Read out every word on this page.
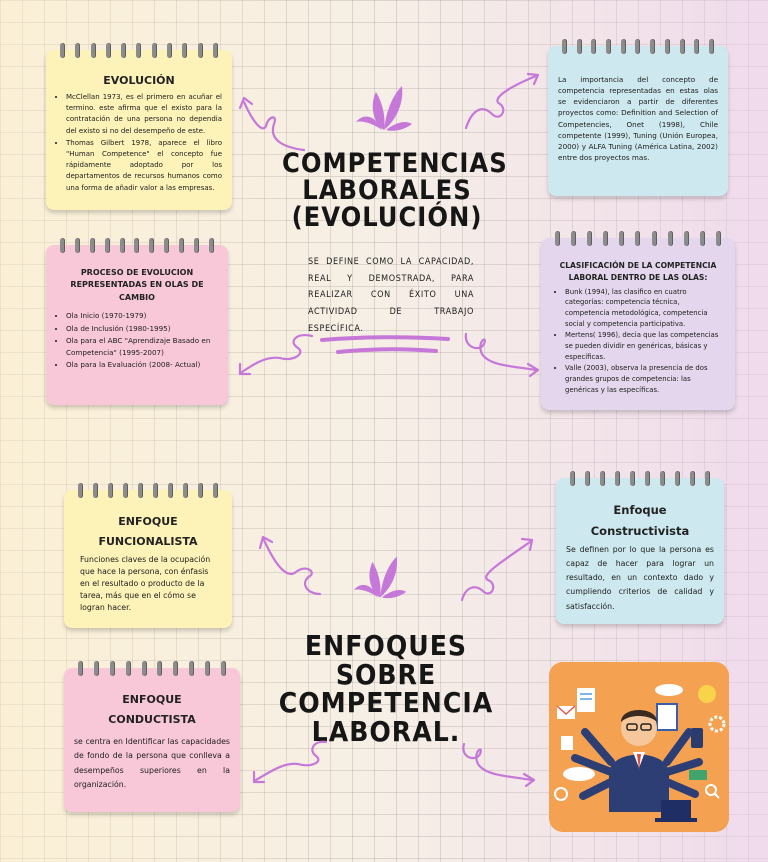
EVOLUCIÓN
• McClellan 1973, es el primero en acuñar el termino. este afirma que el existo para la contratación de una persona no dependia del existo si no del desempeño de este.
• Thomas Gilbert 1978, aparece el libro "Human Competence" el concepto fue rápidamente adoptado por los departamentos de recursos humanos como una forma de añadir valor a las empresas.

La importancia del concepto de competencia representadas en estas olas se evidenciaron a partir de diferentes proyectos como: Definition and Selection of Competencies, Onet (1998), Chile competente (1999), Tuning (Unión Europea, 2000) y ALFA Tuning (América Latina, 2002) entre dos proyectos mas.

PROCESO DE EVOLUCION REPRESENTADAS EN OLAS DE CAMBIO
• Ola Inicio (1970-1979)
• Ola de Inclusión (1980-1995)
• Ola para el ABC "Aprendizaje Basado en Competencia" (1995-2007)
• Ola para la Evaluación (2008- Actual)
CLASIFICACIÓN DE LA COMPETENCIA LABORAL DENTRO DE LAS OLAS:
• Bunk (1994), las clasifico en cuatro categorías: competencia técnica, competencia metodológica, competencia social y competencia participativa.
• Mertens( 1996), decia que las competencias se pueden dividir en genéricas, básicas y específicas.
• Valle (2003), observa la presencia de dos grandes grupos de competencia: las genéricas y las específicas.
COMPETENCIAS
LABORALES
(EVOLUCIÓN)

SE DEFINE COMO LA CAPACIDAD, REAL Y DEMOSTRADA, PARA REALIZAR CON ÉXITO UNA ACTIVIDAD DE TRABAJO ESPECÍFICA.

ENFOQUE
FUNCIONALISTA

Funciones claves de la ocupación que hace la persona, con énfasis en el resultado o producto de la tarea, más que en el cómo se logran hacer.

Enfoque
Constructivista

Se definen por lo que la persona es capaz de hacer para lograr un resultado, en un contexto dado y cumpliendo criterios de calidad y satisfacción.

ENFOQUE
CONDUCTISTA

se centra en Identificar las capacidades de fondo de la persona que conlleva a desempeños superiores en la organización.

ENFOQUES SOBRE
COMPETENCIA
LABORAL.
